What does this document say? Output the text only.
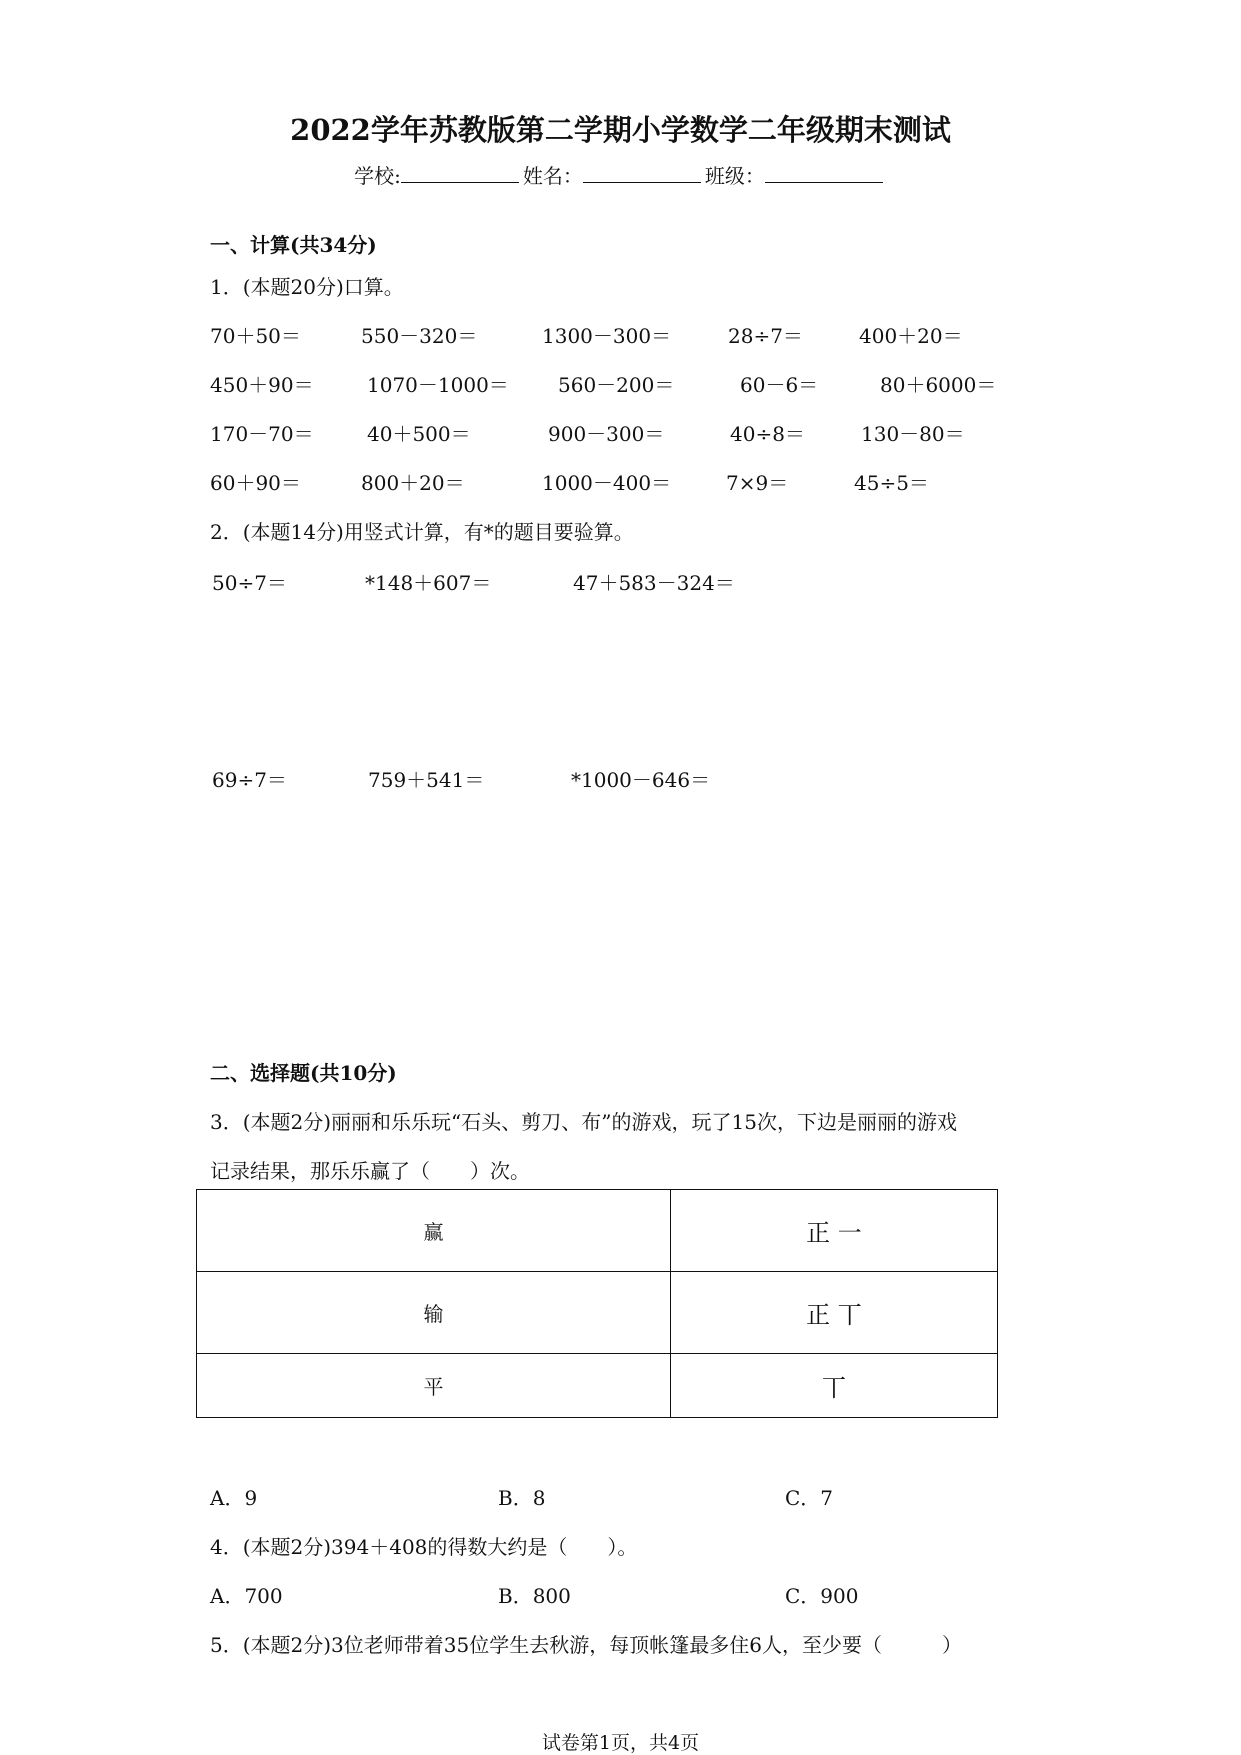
2022学年苏教版第二学期小学数学二年级期末测试
学校:	姓名：	班级：
一、计算(共34分)
1．(本题20分)口算。
70＋50＝	550－320＝	1300－300＝	28÷7＝	400＋20＝
450＋90＝	1070－1000＝ 560－200＝	60－6＝	80＋6000＝
170－70＝	40＋500＝	900－300＝	40÷8＝	130－80＝
60＋90＝	800＋20＝	1000－400＝	7×9＝	45÷5＝
2．(本题14分)用竖式计算，有*的题目要验算。
50÷7＝	*148＋607＝	47＋583－324＝
69÷7＝	759＋541＝	*1000－646＝
二、选择题(共10分)
3．(本题2分)丽丽和乐乐玩“石头、剪刀、布”的游戏，玩了15次，下边是丽丽的游戏
记录结果，那乐乐赢了（　　）次。
赢	正 ⼀
输	正 丅
平	丅
A．9	B．8	C．7
4．(本题2分)394＋408的得数大约是（　　）。
A．700	B．800	C．900
5．(本题2分)3位老师带着35位学生去秋游，每顶帐篷最多住6人，至少要（　　　）
试卷第1页，共4页
